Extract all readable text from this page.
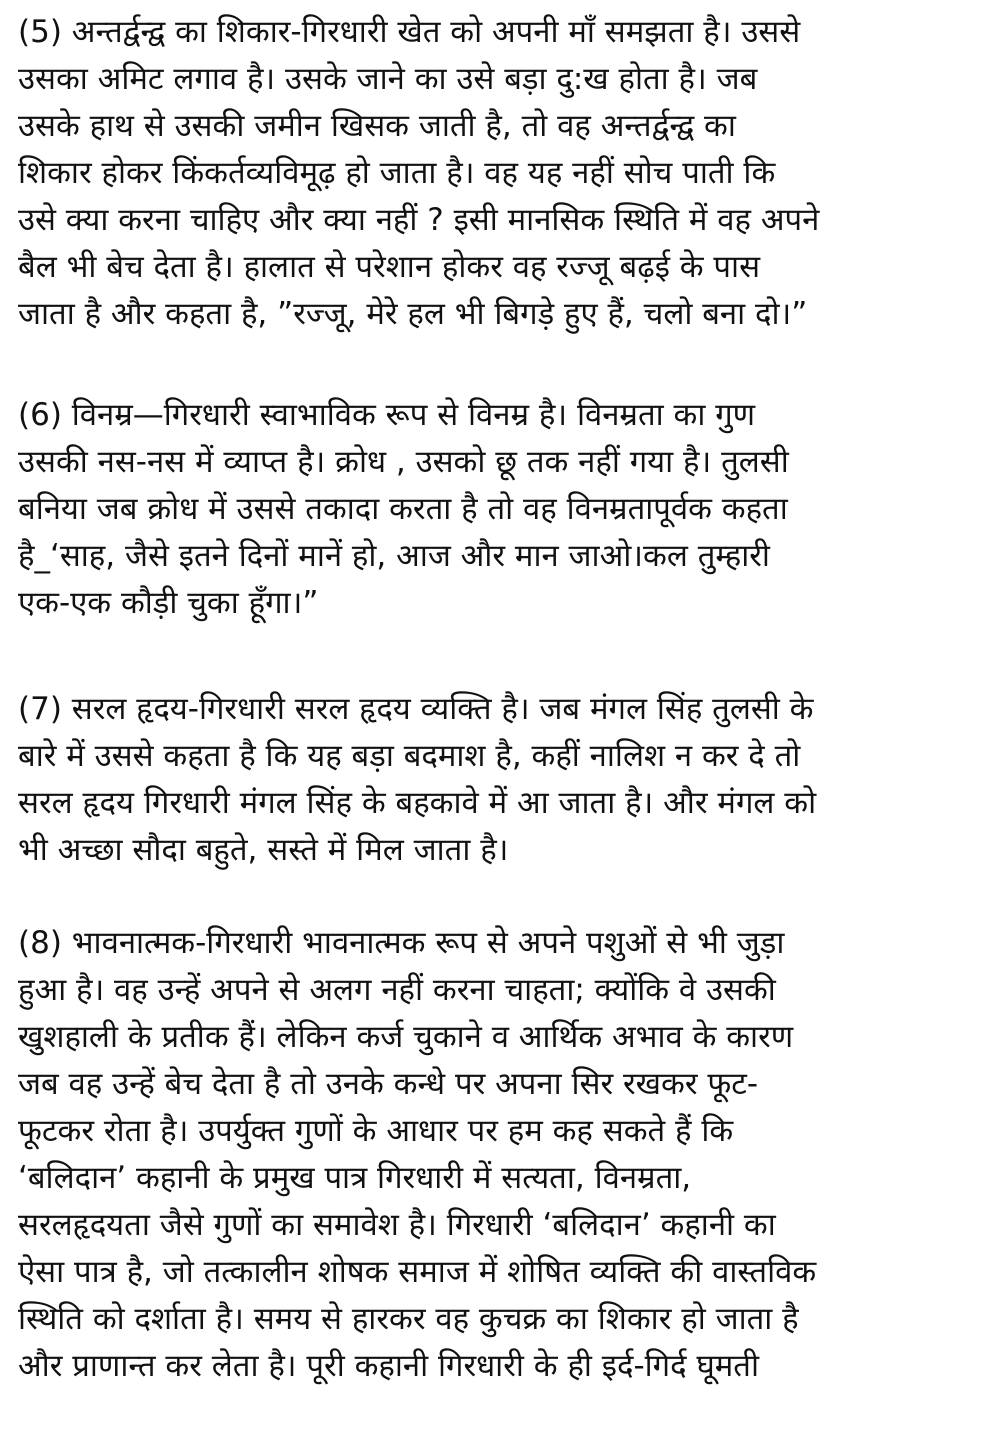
(5) अन्तर्द्वन्द्व का शिकार-गिरधारी खेत को अपनी माँ समझता है। उससे
उसका अमिट लगाव है। उसके जाने का उसे बड़ा दु:ख होता है। जब
उसके हाथ से उसकी जमीन खिसक जाती है, तो वह अन्तर्द्वन्द्व का
शिकार होकर किंकर्तव्यविमूढ़ हो जाता है। वह यह नहीं सोच पाती कि
उसे क्या करना चाहिए और क्या नहीं ? इसी मानसिक स्थिति में वह अपने
बैल भी बेच देता है। हालात से परेशान होकर वह रज्जू बढ़ई के पास
जाता है और कहता है, ”रज्जू, मेरे हल भी बिगड़े हुए हैं, चलो बना दो।”
(6) विनम्र—गिरधारी स्वाभाविक रूप से विनम्र है। विनम्रता का गुण
उसकी नस-नस में व्याप्त है। क्रोध , उसको छू तक नहीं गया है। तुलसी
बनिया जब क्रोध में उससे तकादा करता है तो वह विनम्रतापूर्वक कहता
है_‘साह, जैसे इतने दिनों मानें हो, आज और मान जाओ।कल तुम्हारी
एक-एक कौड़ी चुका हूँगा।”
(7) सरल हृदय-गिरधारी सरल हृदय व्यक्ति है। जब मंगल सिंह तुलसी के
बारे में उससे कहता है कि यह बड़ा बदमाश है, कहीं नालिश न कर दे तो
सरल हृदय गिरधारी मंगल सिंह के बहकावे में आ जाता है। और मंगल को
भी अच्छा सौदा बहुते, सस्ते में मिल जाता है।
(8) भावनात्मक-गिरधारी भावनात्मक रूप से अपने पशुओं से भी जुड़ा
हुआ है। वह उन्हें अपने से अलग नहीं करना चाहता; क्योंकि वे उसकी
खुशहाली के प्रतीक हैं। लेकिन कर्ज चुकाने व आर्थिक अभाव के कारण
जब वह उन्हें बेच देता है तो उनके कन्धे पर अपना सिर रखकर फूट-
फूटकर रोता है। उपर्युक्त गुणों के आधार पर हम कह सकते हैं कि
‘बलिदान’ कहानी के प्रमुख पात्र गिरधारी में सत्यता, विनम्रता,
सरलहृदयता जैसे गुणों का समावेश है। गिरधारी ‘बलिदान’ कहानी का
ऐसा पात्र है, जो तत्कालीन शोषक समाज में शोषित व्यक्ति की वास्तविक
स्थिति को दर्शाता है। समय से हारकर वह कुचक्र का शिकार हो जाता है
और प्राणान्त कर लेता है। पूरी कहानी गिरधारी के ही इर्द-गिर्द घूमती
